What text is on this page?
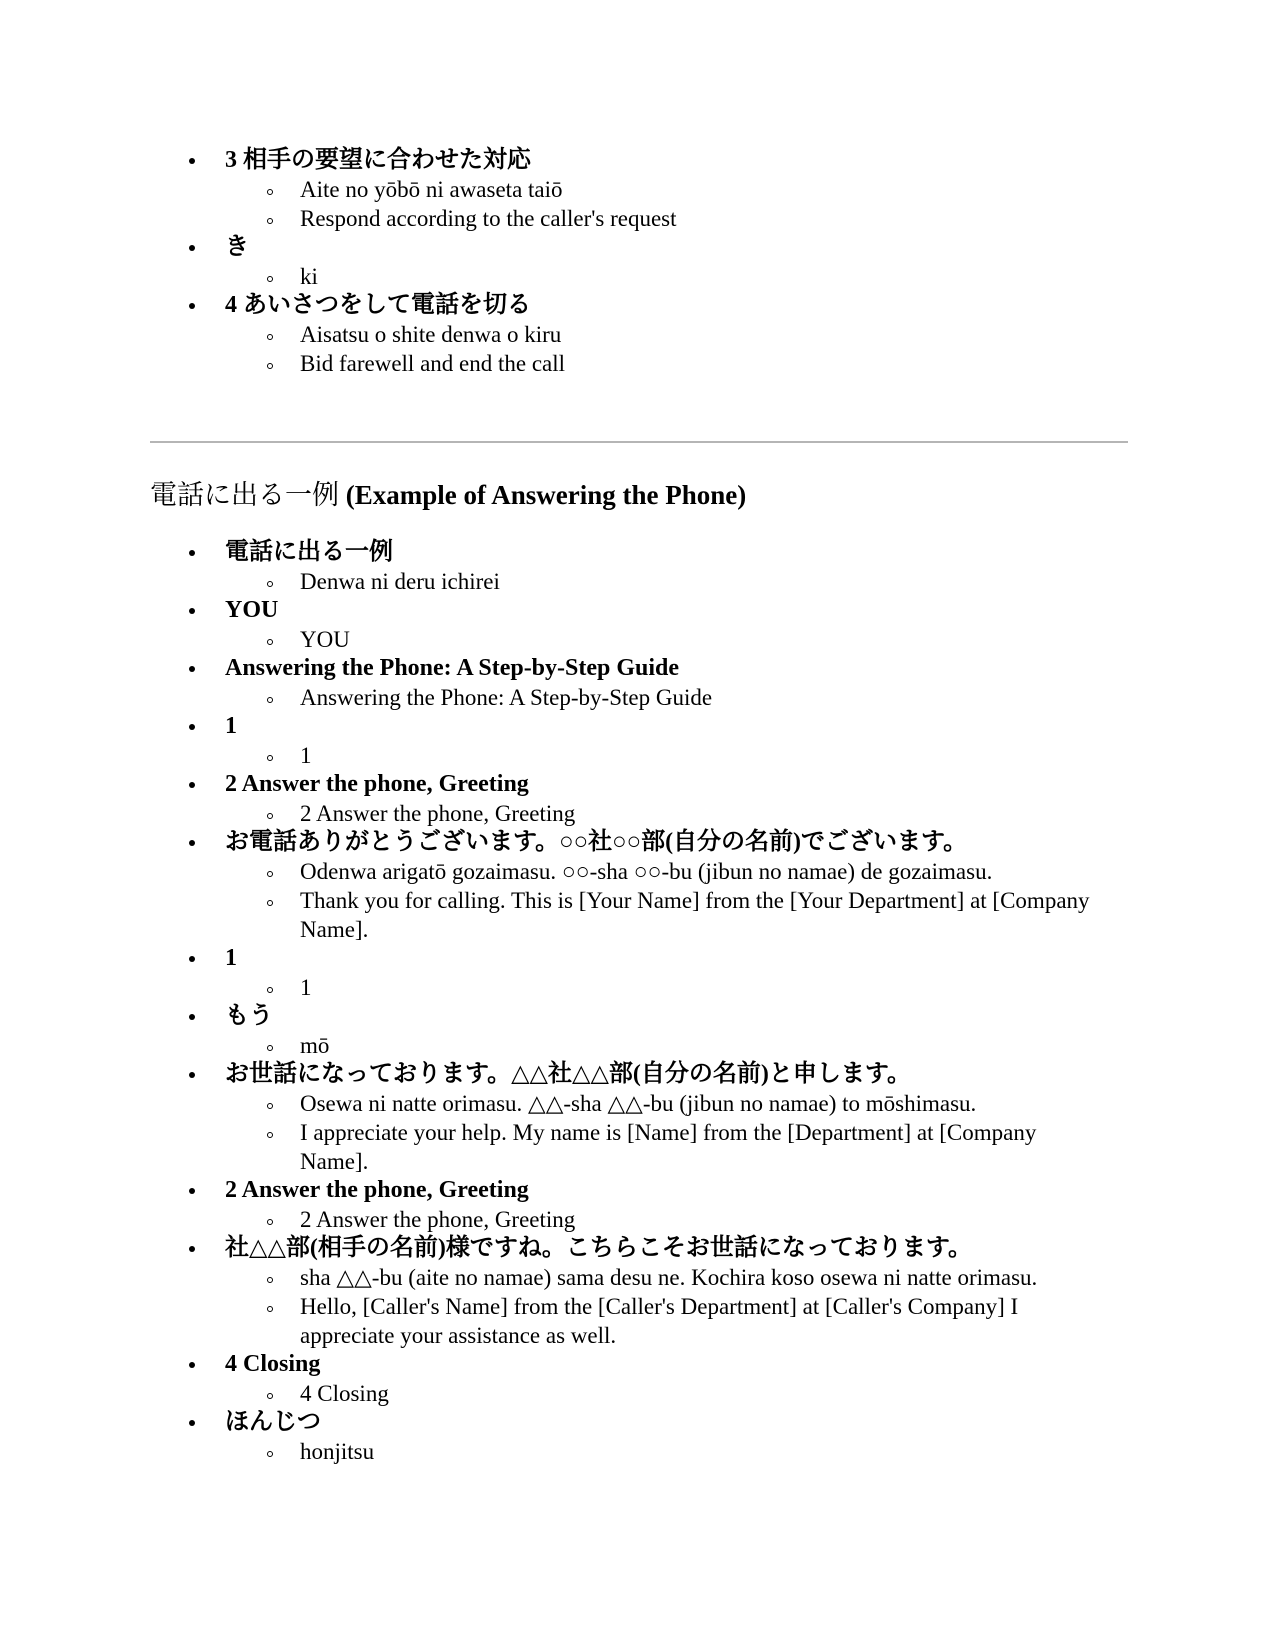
3 相手の要望に合わせた対応
Aite no yōbō ni awaseta taiō
Respond according to the caller's request
き
ki
4 あいさつをして電話を切る
Aisatsu o shite denwa o kiru
Bid farewell and end the call
電話に出る一例 (Example of Answering the Phone)
電話に出る一例
Denwa ni deru ichirei
YOU
YOU
Answering the Phone: A Step-by-Step Guide
Answering the Phone: A Step-by-Step Guide
1
1
2 Answer the phone, Greeting
2 Answer the phone, Greeting
お電話ありがとうございます。○○社○○部(自分の名前)でございます。
Odenwa arigatō gozaimasu. ○○-sha ○○-bu (jibun no namae) de gozaimasu.
Thank you for calling. This is [Your Name] from the [Your Department] at [Company Name].
1
1
もう
mō
お世話になっております。△△社△△部(自分の名前)と申します。
Osewa ni natte orimasu. △△-sha △△-bu (jibun no namae) to mōshimasu.
I appreciate your help. My name is [Name] from the [Department] at [Company Name].
2 Answer the phone, Greeting
2 Answer the phone, Greeting
社△△部(相手の名前)様ですね。こちらこそお世話になっております。
sha △△-bu (aite no namae) sama desu ne. Kochira koso osewa ni natte orimasu.
Hello, [Caller's Name] from the [Caller's Department] at [Caller's Company] I appreciate your assistance as well.
4 Closing
4 Closing
ほんじつ
honjitsu
